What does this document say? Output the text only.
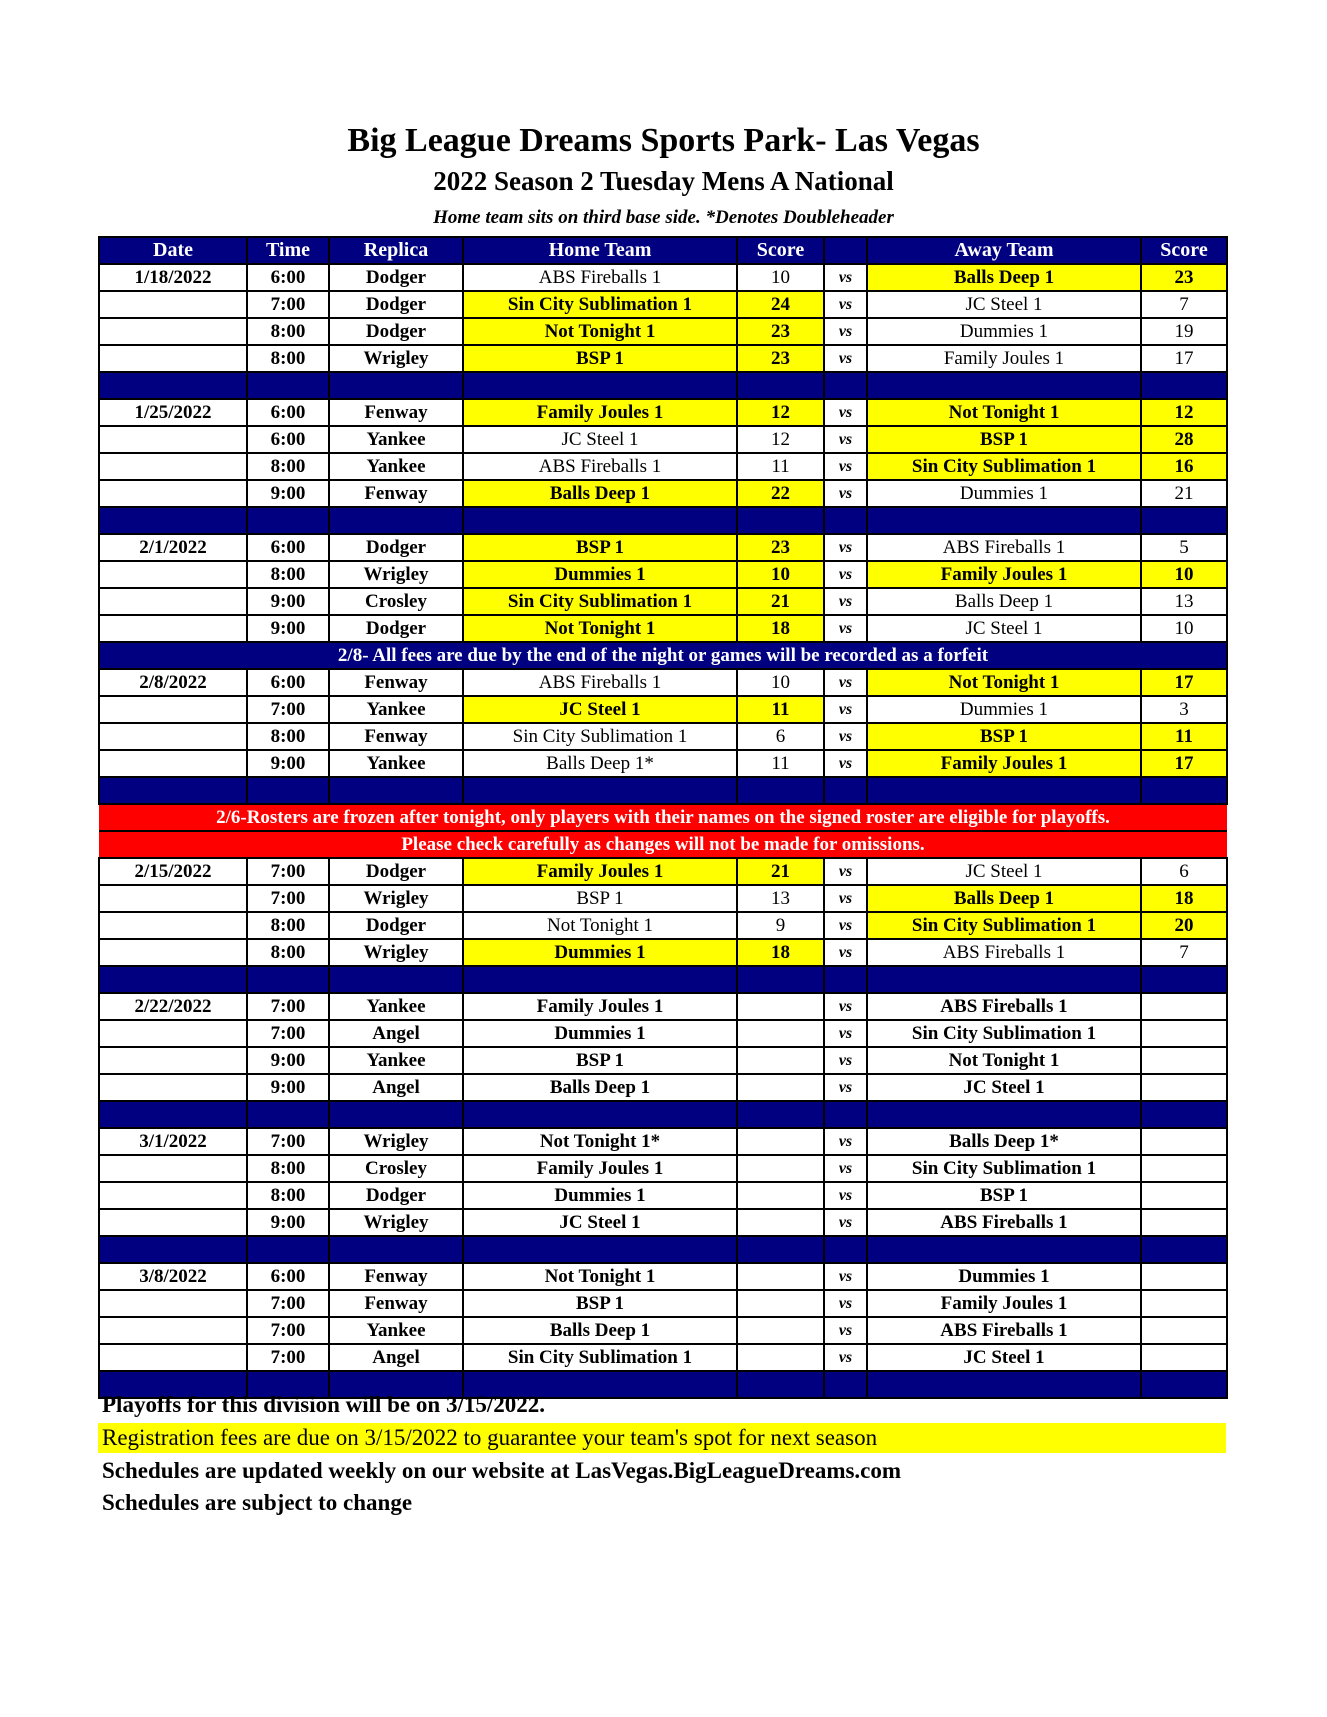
Big League Dreams Sports Park- Las Vegas
2022 Season 2 Tuesday Mens A National
Home team sits on third base side. *Denotes Doubleheader
Date	Time	Replica	Home Team	Score		Away Team	Score
1/18/2022	6:00	Dodger	ABS Fireballs 1	10	vs	Balls Deep 1	23
	7:00	Dodger	Sin City Sublimation 1	24	vs	JC Steel 1	7
	8:00	Dodger	Not Tonight 1	23	vs	Dummies 1	19
	8:00	Wrigley	BSP 1	23	vs	Family Joules 1	17

1/25/2022	6:00	Fenway	Family Joules 1	12	vs	Not Tonight 1	12
	6:00	Yankee	JC Steel 1	12	vs	BSP 1	28
	8:00	Yankee	ABS Fireballs 1	11	vs	Sin City Sublimation 1	16
	9:00	Fenway	Balls Deep 1	22	vs	Dummies 1	21

2/1/2022	6:00	Dodger	BSP 1	23	vs	ABS Fireballs 1	5
	8:00	Wrigley	Dummies 1	10	vs	Family Joules 1	10
	9:00	Crosley	Sin City Sublimation 1	21	vs	Balls Deep 1	13
	9:00	Dodger	Not Tonight 1	18	vs	JC Steel 1	10
2/8- All fees are due by the end of the night or games will be recorded as a forfeit							
2/8/2022	6:00	Fenway	ABS Fireballs 1	10	vs	Not Tonight 1	17
	7:00	Yankee	JC Steel 1	11	vs	Dummies 1	3
	8:00	Fenway	Sin City Sublimation 1	6	vs	BSP 1	11
	9:00	Yankee	Balls Deep 1*	11	vs	Family Joules 1	17

2/6-Rosters are frozen after tonight, only players with their names on the signed roster are eligible for playoffs.							
Please check carefully as changes will not be made for omissions.							
2/15/2022	7:00	Dodger	Family Joules 1	21	vs	JC Steel 1	6
	7:00	Wrigley	BSP 1	13	vs	Balls Deep 1	18
	8:00	Dodger	Not Tonight 1	9	vs	Sin City Sublimation 1	20
	8:00	Wrigley	Dummies 1	18	vs	ABS Fireballs 1	7

2/22/2022	7:00	Yankee	Family Joules 1		vs	ABS Fireballs 1	
	7:00	Angel	Dummies 1		vs	Sin City Sublimation 1	
	9:00	Yankee	BSP 1		vs	Not Tonight 1	
	9:00	Angel	Balls Deep 1		vs	JC Steel 1	

3/1/2022	7:00	Wrigley	Not Tonight 1*		vs	Balls Deep 1*	
	8:00	Crosley	Family Joules 1		vs	Sin City Sublimation 1	
	8:00	Dodger	Dummies 1		vs	BSP 1	
	9:00	Wrigley	JC Steel 1		vs	ABS Fireballs 1	

3/8/2022	6:00	Fenway	Not Tonight 1		vs	Dummies 1	
	7:00	Fenway	BSP 1		vs	Family Joules 1	
	7:00	Yankee	Balls Deep 1		vs	ABS Fireballs 1	
	7:00	Angel	Sin City Sublimation 1		vs	JC Steel 1	

Playoffs for this division will be on 3/15/2022.
Registration fees are due on 3/15/2022 to guarantee your team's spot for next season
Schedules are updated weekly on our website at LasVegas.BigLeagueDreams.com
Schedules are subject to change
